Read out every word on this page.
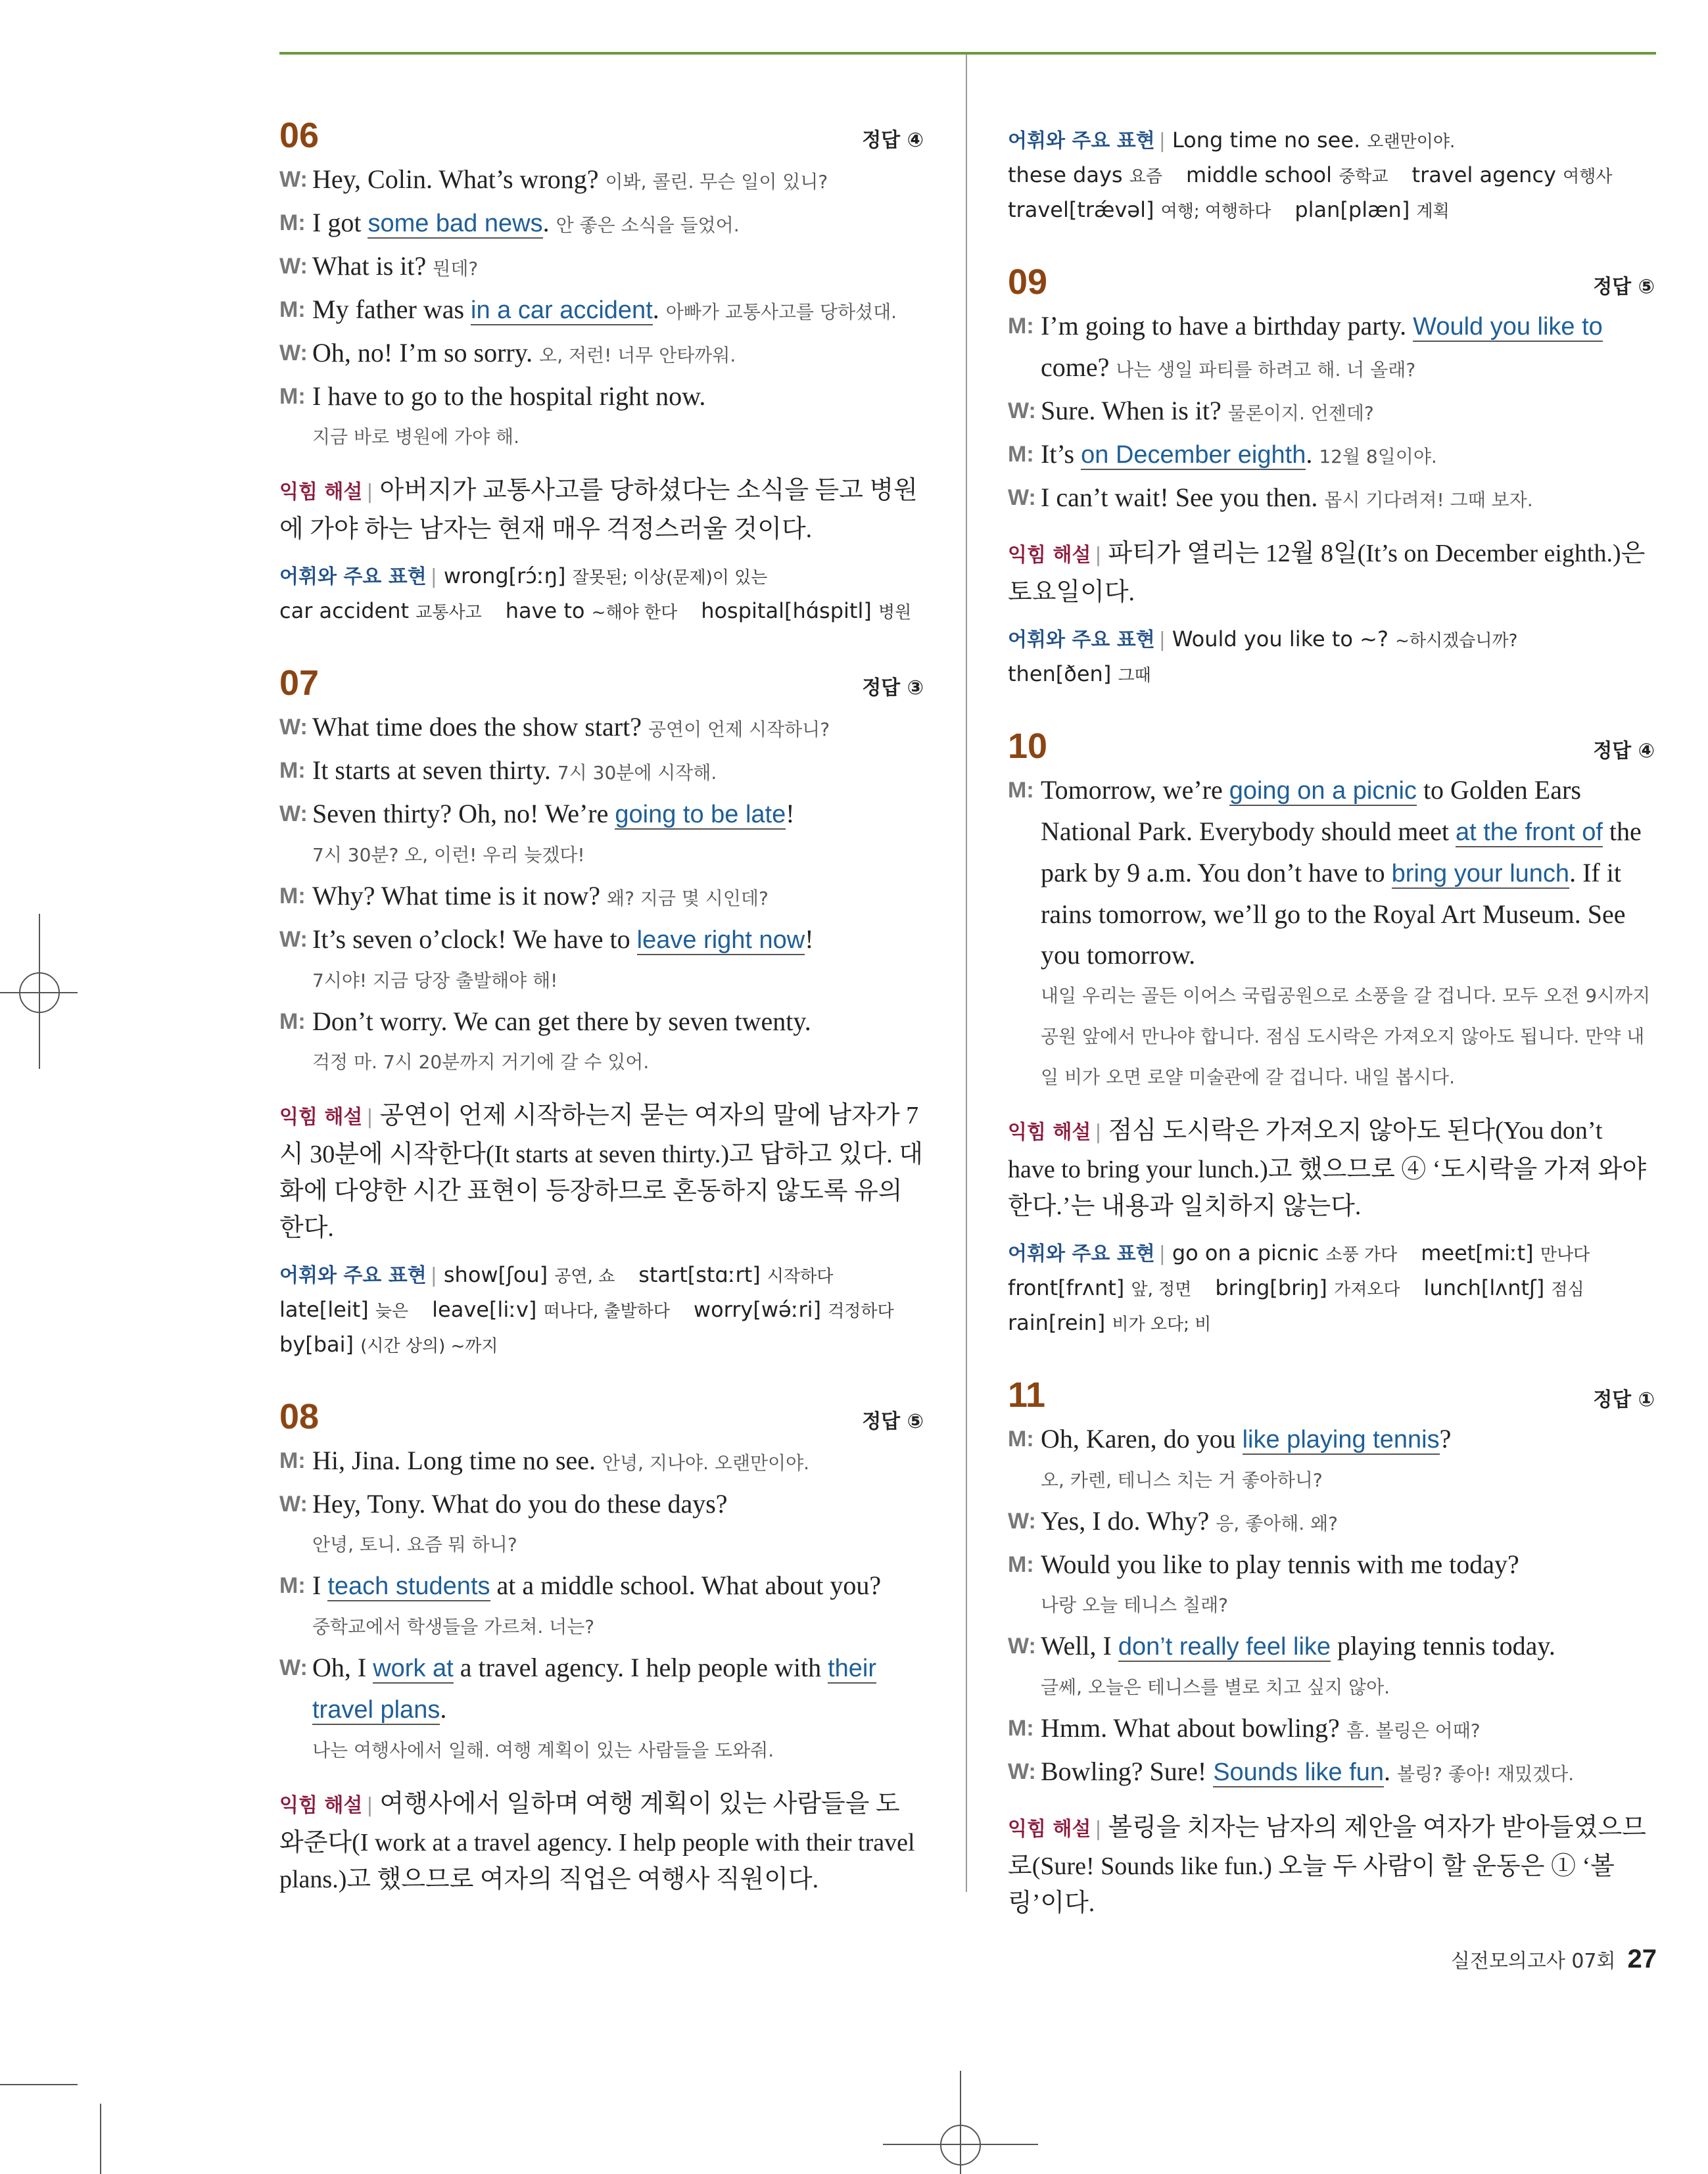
06	정답 ④
W: Hey, Colin. What’s wrong? 이봐, 콜린. 무슨 일이 있니?
M: I got some bad news. 안 좋은 소식을 들었어.
W: What is it? 뭔데?
M: My father was in a car accident. 아빠가 교통사고를 당하셨대.
W: Oh, no! I’m so sorry. 오, 저런! 너무 안타까워.
M: I have to go to the hospital right now.
지금 바로 병원에 가야 해.
익힘 해설 | 아버지가 교통사고를 당하셨다는 소식을 듣고 병원에 가야 하는 남자는 현재 매우 걱정스러울 것이다.
어휘와 주요 표현 | wrong[rɔ́ːŋ] 잘못된; 이상(문제)이 있는
car accident 교통사고 have to ~해야 한다 hospital[hɑ́spitl] 병원
07	정답 ③
W: What time does the show start? 공연이 언제 시작하니?
M: It starts at seven thirty. 7시 30분에 시작해.
W: Seven thirty? Oh, no! We’re going to be late!
7시 30분? 오, 이런! 우리 늦겠다!
M: Why? What time is it now? 왜? 지금 몇 시인데?
W: It’s seven o’clock! We have to leave right now!
7시야! 지금 당장 출발해야 해!
M: Don’t worry. We can get there by seven twenty.
걱정 마. 7시 20분까지 거기에 갈 수 있어.
익힘 해설 | 공연이 언제 시작하는지 묻는 여자의 말에 남자가 7시 30분에 시작한다(It starts at seven thirty.)고 답하고 있다. 대화에 다양한 시간 표현이 등장하므로 혼동하지 않도록 유의한다.
어휘와 주요 표현 | show[ʃou] 공연, 쇼 start[stɑːrt] 시작하다
late[leit] 늦은 leave[liːv] 떠나다, 출발하다 worry[wə́ːri] 걱정하다
by[bai] (시간 상의) ~까지
08	정답 ⑤
M: Hi, Jina. Long time no see. 안녕, 지나야. 오랜만이야.
W: Hey, Tony. What do you do these days?
안녕, 토니. 요즘 뭐 하니?
M: I teach students at a middle school. What about you?
중학교에서 학생들을 가르쳐. 너는?
W: Oh, I work at a travel agency. I help people with their travel plans.
나는 여행사에서 일해. 여행 계획이 있는 사람들을 도와줘.
익힘 해설 | 여행사에서 일하며 여행 계획이 있는 사람들을 도와준다(I work at a travel agency. I help people with their travel plans.)고 했으므로 여자의 직업은 여행사 직원이다.
어휘와 주요 표현 | Long time no see. 오랜만이야.
these days 요즘 middle school 중학교 travel agency 여행사
travel[trǽvəl] 여행; 여행하다 plan[plæn] 계획
09	정답 ⑤
M: I’m going to have a birthday party. Would you like to come? 나는 생일 파티를 하려고 해. 너 올래?
W: Sure. When is it? 물론이지. 언젠데?
M: It’s on December eighth. 12월 8일이야.
W: I can’t wait! See you then. 몹시 기다려져! 그때 보자.
익힘 해설 | 파티가 열리는 12월 8일(It’s on December eighth.)은 토요일이다.
어휘와 주요 표현 | Would you like to ~? ~하시겠습니까?
then[ðen] 그때
10	정답 ④
M: Tomorrow, we’re going on a picnic to Golden Ears National Park. Everybody should meet at the front of the park by 9 a.m. You don’t have to bring your lunch. If it rains tomorrow, we’ll go to the Royal Art Museum. See you tomorrow.
내일 우리는 골든 이어스 국립공원으로 소풍을 갈 겁니다. 모두 오전 9시까지 공원 앞에서 만나야 합니다. 점심 도시락은 가져오지 않아도 됩니다. 만약 내일 비가 오면 로얄 미술관에 갈 겁니다. 내일 봅시다.
익힘 해설 | 점심 도시락은 가져오지 않아도 된다(You don’t have to bring your lunch.)고 했으므로 ④ ‘도시락을 가져 와야 한다.’는 내용과 일치하지 않는다.
어휘와 주요 표현 | go on a picnic 소풍 가다 meet[miːt] 만나다
front[frʌnt] 앞, 정면 bring[briŋ] 가져오다 lunch[lʌntʃ] 점심
rain[rein] 비가 오다; 비
11	정답 ①
M: Oh, Karen, do you like playing tennis?
오, 카렌, 테니스 치는 거 좋아하니?
W: Yes, I do. Why? 응, 좋아해. 왜?
M: Would you like to play tennis with me today?
나랑 오늘 테니스 칠래?
W: Well, I don’t really feel like playing tennis today.
글쎄, 오늘은 테니스를 별로 치고 싶지 않아.
M: Hmm. What about bowling? 흠. 볼링은 어때?
W: Bowling? Sure! Sounds like fun. 볼링? 좋아! 재밌겠다.
익힘 해설 | 볼링을 치자는 남자의 제안을 여자가 받아들였으므로(Sure! Sounds like fun.) 오늘 두 사람이 할 운동은 ① ‘볼링’이다.
실전모의고사 07회 27
